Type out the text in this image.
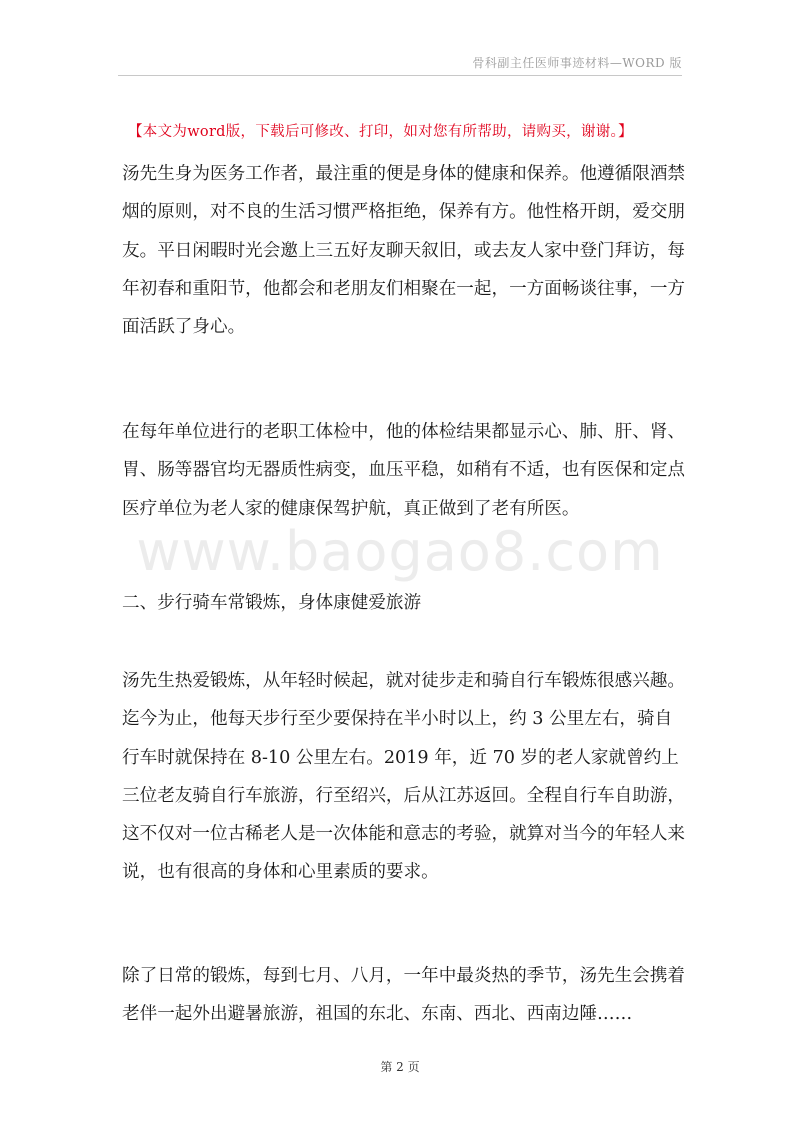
骨科副主任医师事迹材料—WORD 版
【本文为word版，下载后可修改、打印，如对您有所帮助，请购买，谢谢。】
www.baogao8.com

汤先生身为医务工作者，最注重的便是身体的健康和保养。他遵循限酒禁烟的原则，对不良的生活习惯严格拒绝，保养有方。他性格开朗，爱交朋友。平日闲暇时光会邀上三五好友聊天叙旧，或去友人家中登门拜访，每年初春和重阳节，他都会和老朋友们相聚在一起，一方面畅谈往事，一方面活跃了身心。

在每年单位进行的老职工体检中，他的体检结果都显示心、肺、肝、肾、胃、肠等器官均无器质性病变，血压平稳，如稍有不适，也有医保和定点医疗单位为老人家的健康保驾护航，真正做到了老有所医。

二、步行骑车常锻炼，身体康健爱旅游

汤先生热爱锻炼，从年轻时候起，就对徒步走和骑自行车锻炼很感兴趣。迄今为止，他每天步行至少要保持在半小时以上，约 3 公里左右，骑自行车时就保持在 8-10 公里左右。2019 年，近 70 岁的老人家就曾约上三位老友骑自行车旅游，行至绍兴，后从江苏返回。全程自行车自助游，这不仅对一位古稀老人是一次体能和意志的考验，就算对当今的年轻人来说，也有很高的身体和心里素质的要求。

除了日常的锻炼，每到七月、八月，一年中最炎热的季节，汤先生会携着老伴一起外出避暑旅游，祖国的东北、东南、西北、西南边陲……

第 2 页
